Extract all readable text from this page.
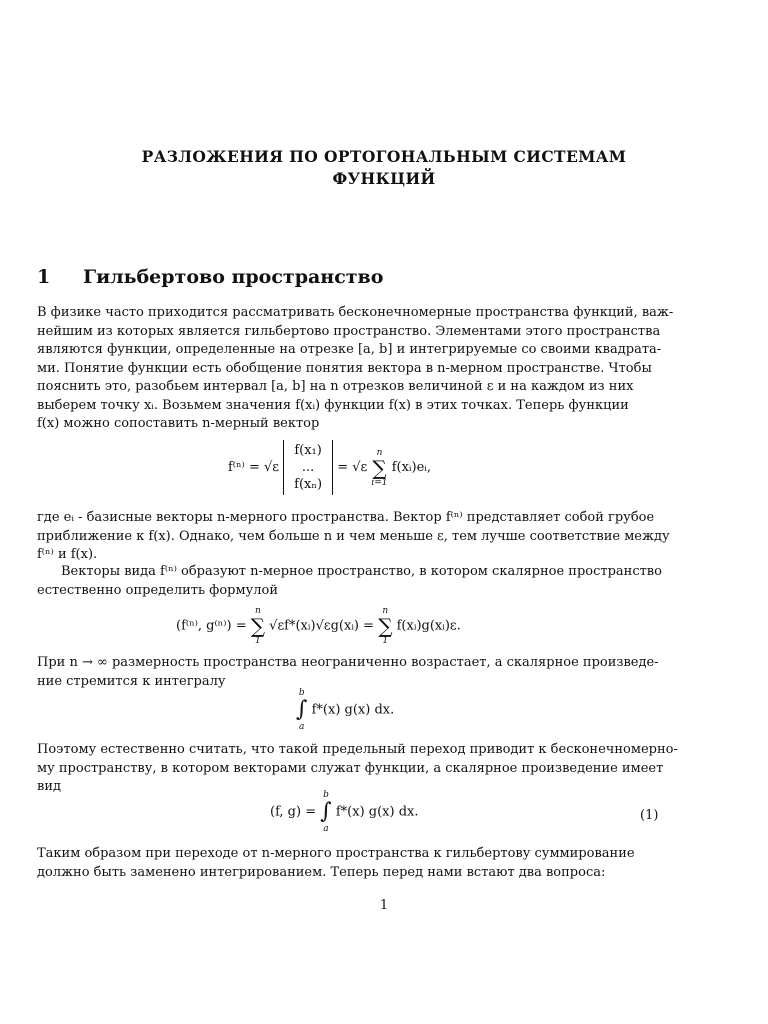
РАЗЛОЖЕНИЯ ПО ОРТОГОНАЛЬНЫМ СИСТЕМАМ
ФУНКЦИЙ
1 Гильбертово пространство
В физике часто приходится рассматривать бесконечномерные пространства функций, важ-
нейшим из которых является гильбертово пространство. Элементами этого пространства
являются функции, определенные на отрезке [a, b] и интегрируемые со своими квадрата-
ми. Понятие функции есть обобщение понятия вектора в n-мерном пространстве. Чтобы
пояснить это, разобьем интервал [a, b] на n отрезков величиной ε и на каждом из них
выберем точку xᵢ. Возьмем значения f(xᵢ) функции f(x) в этих точках. Теперь функции
f(x) можно сопоставить n-мерный вектор
f⁽ⁿ⁾ = √ε
f(x₁)
...
f(xₙ)
= √ε
n
∑
i=1
f(xᵢ)eᵢ,
где eᵢ - базисные векторы n-мерного пространства. Вектор f⁽ⁿ⁾ представляет собой грубое
приближение к f(x). Однако, чем больше n и чем меньше ε, тем лучше соответствие между
f⁽ⁿ⁾ и f(x).
Векторы вида f⁽ⁿ⁾ образуют n-мерное пространство, в котором скалярное пространство
естественно определить формулой
(f⁽ⁿ⁾, g⁽ⁿ⁾) =
n
∑
1
√εf*(xᵢ)√εg(xᵢ) =
n
∑
1
f(xᵢ)g(xᵢ)ε.
При n → ∞ размерность пространства неограниченно возрастает, а скалярное произведе-
ние стремится к интегралу
b
∫
a
f*(x) g(x) dx.
Поэтому естественно считать, что такой предельный переход приводит к бесконечномерно-
му пространству, в котором векторами служат функции, а скалярное произведение имеет
вид
(f, g) =
b
∫
a
f*(x) g(x) dx.	(1)
Таким образом при переходе от n-мерного пространства к гильбертову суммирование
должно быть заменено интегрированием. Теперь перед нами встают два вопроса:
1
